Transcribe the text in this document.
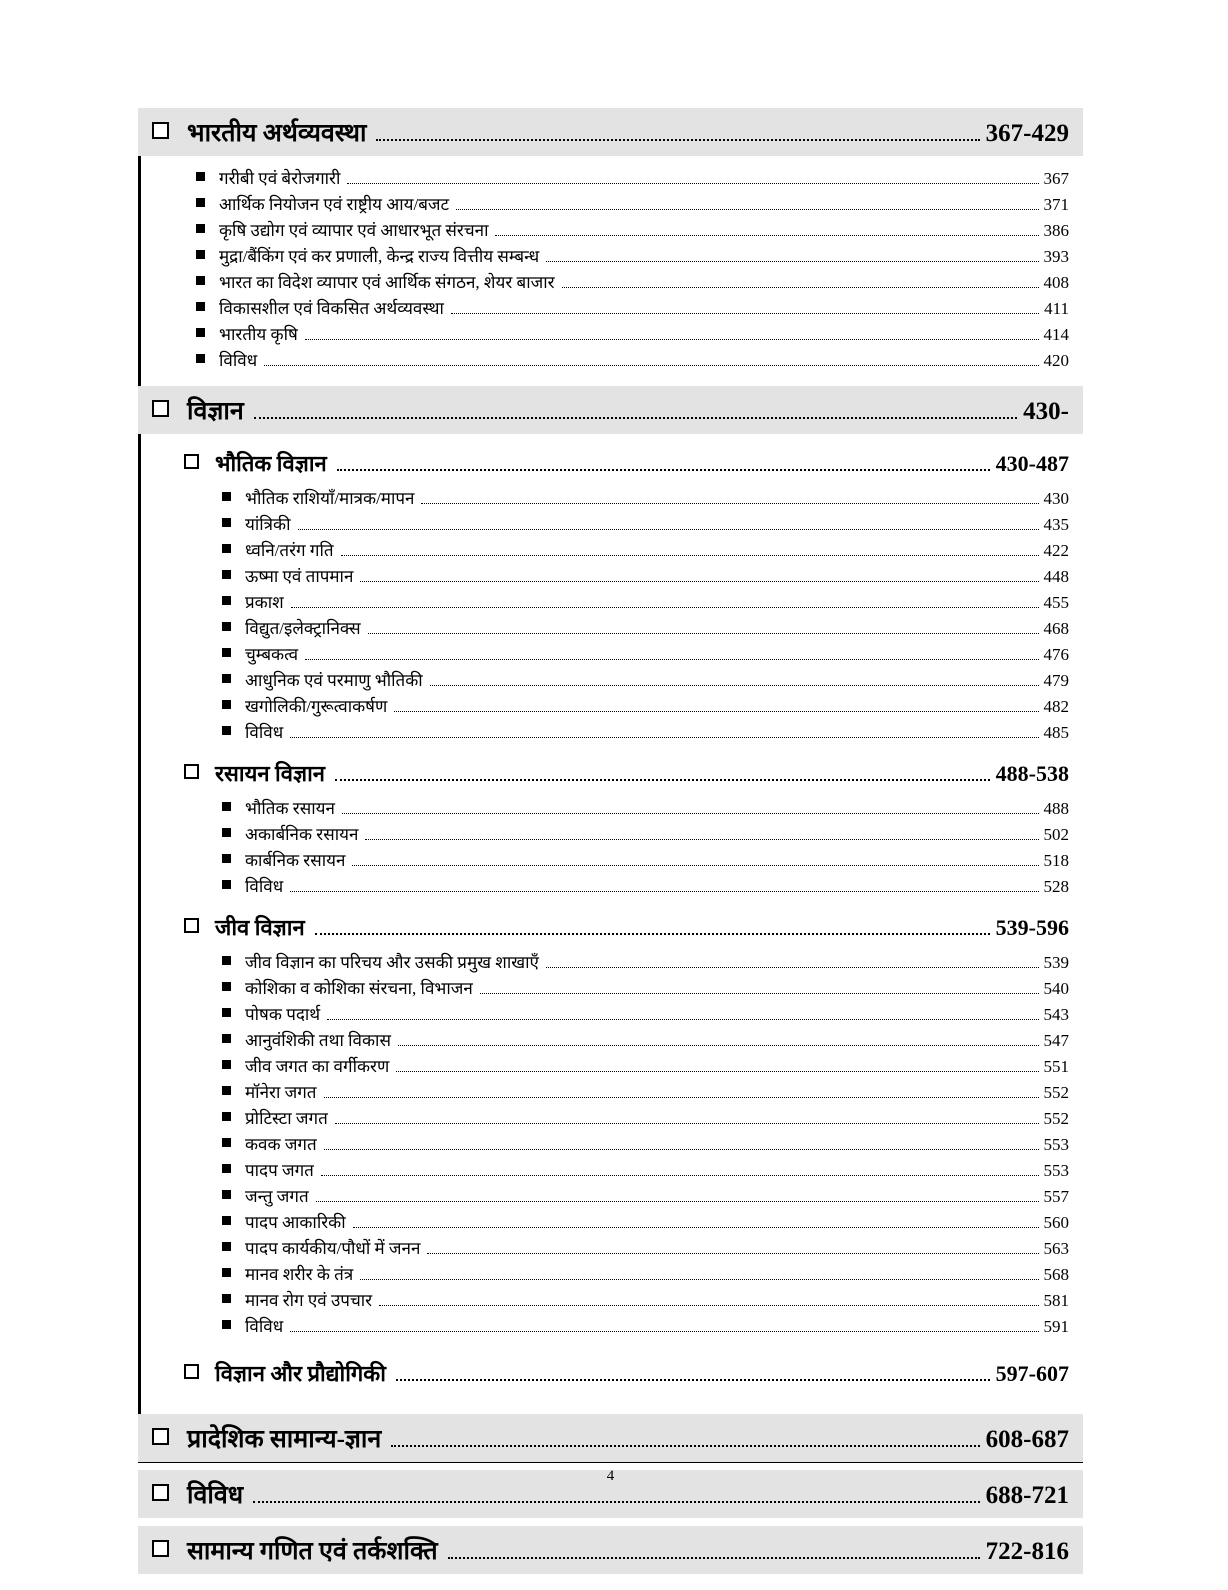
भारतीय अर्थव्यवस्था	367-429
गरीबी एवं बेरोजगारी	367
आर्थिक नियोजन एवं राष्ट्रीय आय/बजट	371
कृषि उद्योग एवं व्यापार एवं आधारभूत संरचना	386
मुद्रा/बैंकिंग एवं कर प्रणाली, केन्द्र राज्य वित्तीय सम्बन्ध	393
भारत का विदेश व्यापार एवं आर्थिक संगठन, शेयर बाजार	408
विकासशील एवं विकसित अर्थव्यवस्था	411
भारतीय कृषि	414
विविध	420
विज्ञान	430-
भौतिक विज्ञान	430-487
भौतिक राशियाँ/मात्रक/मापन	430
यांत्रिकी	435
ध्वनि/तरंग गति	422
ऊष्मा एवं तापमान	448
प्रकाश	455
विद्युत/इलेक्ट्रानिक्स	468
चुम्बकत्व	476
आधुनिक एवं परमाणु भौतिकी	479
खगोलिकी/गुरूत्वाकर्षण	482
विविध	485
रसायन विज्ञान	488-538
भौतिक रसायन	488
अकार्बनिक रसायन	502
कार्बनिक रसायन	518
विविध	528
जीव विज्ञान	539-596
जीव विज्ञान का परिचय और उसकी प्रमुख शाखाएँ	539
कोशिका व कोशिका संरचना, विभाजन	540
पोषक पदार्थ	543
आनुवंशिकी तथा विकास	547
जीव जगत का वर्गीकरण	551
मॉनेरा जगत	552
प्रोटिस्टा जगत	552
कवक जगत	553
पादप जगत	553
जन्तु जगत	557
पादप आकारिकी	560
पादप कार्यकीय/पौधों में जनन	563
मानव शरीर के तंत्र	568
मानव रोग एवं उपचार	581
विविध	591
विज्ञान और प्रौद्योगिकी	597-607
प्रादेशिक सामान्य-ज्ञान	608-687
विविध	688-721
सामान्य गणित एवं तर्कशक्ति	722-816
4
